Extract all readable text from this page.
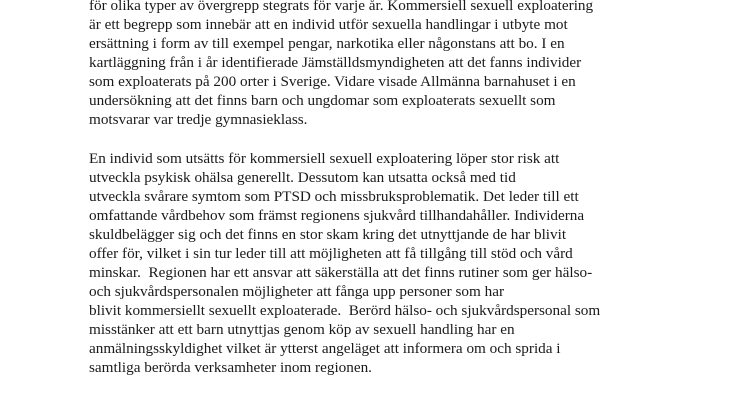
för olika typer av övergrepp stegrats för varje år. Kommersiell sexuell exploatering
är ett begrepp som innebär att en individ utför sexuella handlingar i utbyte mot
ersättning i form av till exempel pengar, narkotika eller någonstans att bo. I en
kartläggning från i år identifierade Jämställdsmyndigheten att det fanns individer
som exploaterats på 200 orter i Sverige. Vidare visade Allmänna barnahuset i en
undersökning att det finns barn och ungdomar som exploaterats sexuellt som
motsvarar var tredje gymnasieklass.
En individ som utsätts för kommersiell sexuell exploatering löper stor risk att
utveckla psykisk ohälsa generellt. Dessutom kan utsatta också med tid
utveckla svårare symtom som PTSD och missbruksproblematik. Det leder till ett
omfattande vårdbehov som främst regionens sjukvård tillhandahåller. Individerna
skuldbelägger sig och det finns en stor skam kring det utnyttjande de har blivit
offer för, vilket i sin tur leder till att möjligheten att få tillgång till stöd och vård
minskar.  Regionen har ett ansvar att säkerställa att det finns rutiner som ger hälso-
och sjukvårdspersonalen möjligheter att fånga upp personer som har
blivit kommersiellt sexuellt exploaterade.  Berörd hälso- och sjukvårdspersonal som
misstänker att ett barn utnyttjas genom köp av sexuell handling har en
anmälningsskyldighet vilket är ytterst angeläget att informera om och sprida i
samtliga berörda verksamheter inom regionen.
